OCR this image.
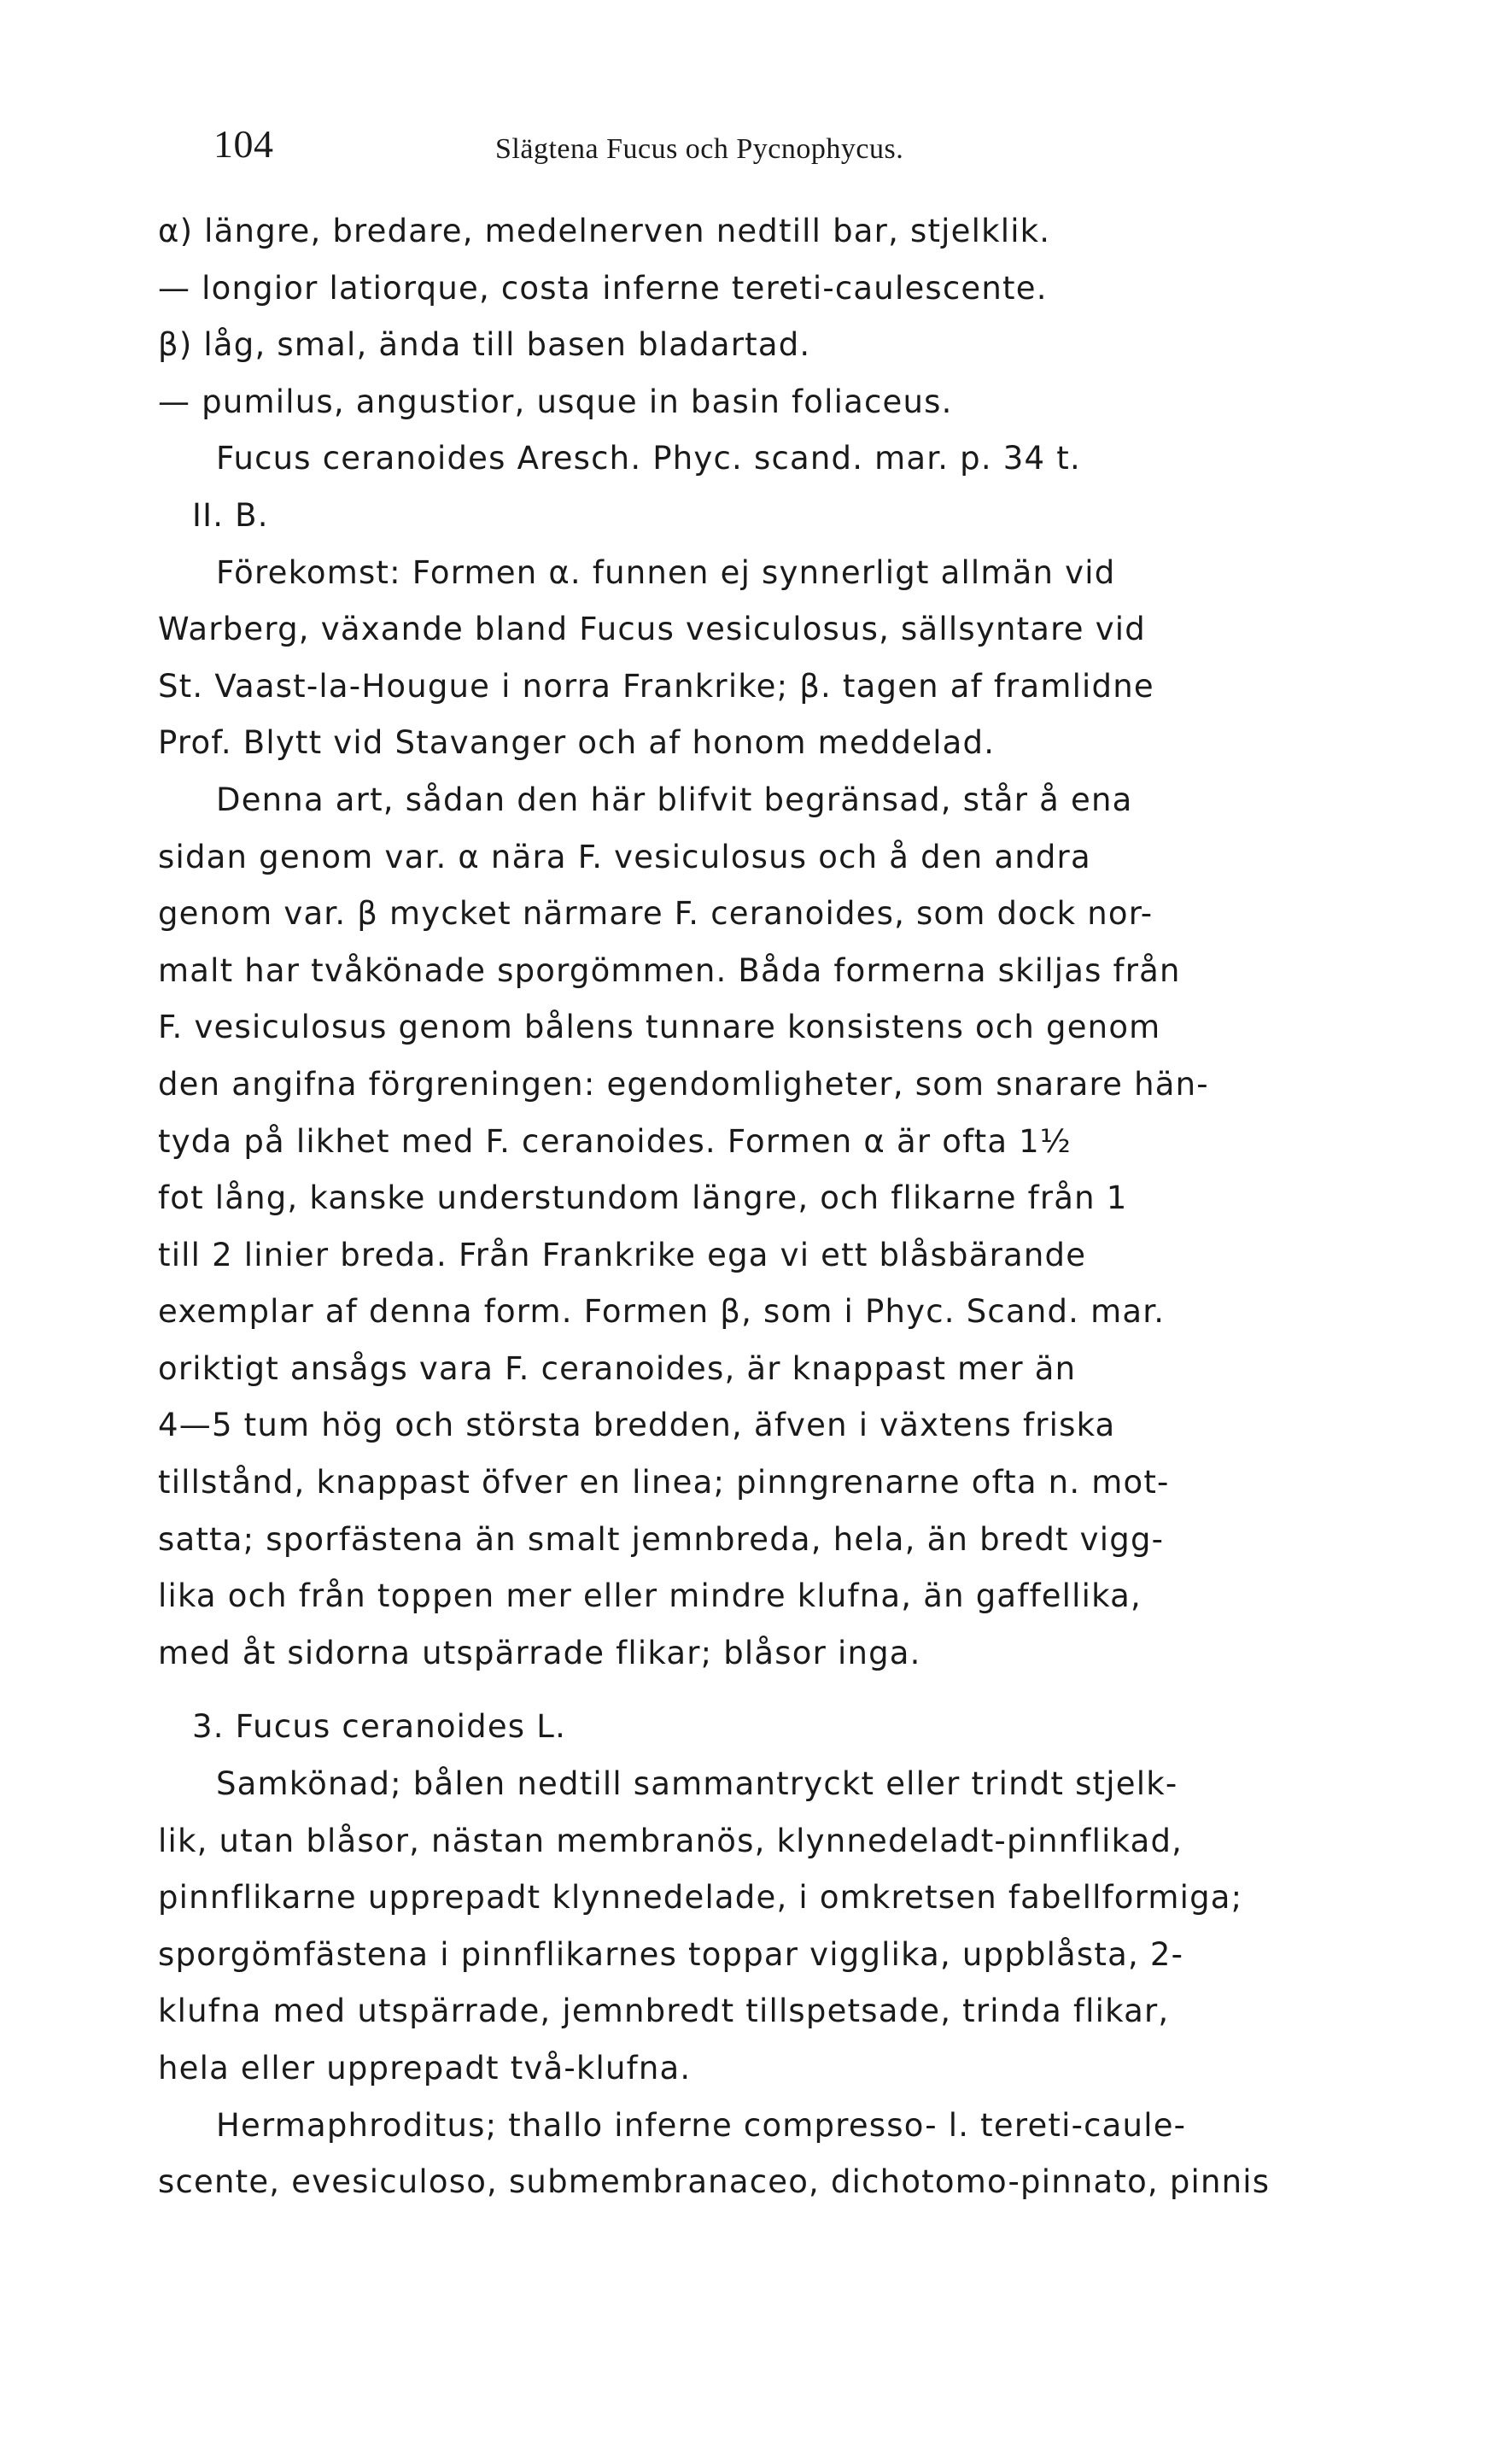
104	Slägtena Fucus och Pycnophycus.
α) längre, bredare, medelnerven nedtill bar, stjelklik.
— longior latiorque, costa inferne tereti-caulescente.
β) låg, smal, ända till basen bladartad.
— pumilus, angustior, usque in basin foliaceus.
Fucus ceranoides Aresch. Phyc. scand. mar. p. 34 t.
II. B.
Förekomst: Formen α. funnen ej synnerligt allmän vid
Warberg, växande bland Fucus vesiculosus, sällsyntare vid
St. Vaast-la-Hougue i norra Frankrike; β. tagen af framlidne
Prof. Blytt vid Stavanger och af honom meddelad.
Denna art, sådan den här blifvit begränsad, står å ena
sidan genom var. α nära F. vesiculosus och å den andra
genom var. β mycket närmare F. ceranoides, som dock nor-
malt har tvåkönade sporgömmen. Båda formerna skiljas från
F. vesiculosus genom bålens tunnare konsistens och genom
den angifna förgreningen: egendomligheter, som snarare hän-
tyda på likhet med F. ceranoides. Formen α är ofta 1½
fot lång, kanske understundom längre, och flikarne från 1
till 2 linier breda. Från Frankrike ega vi ett blåsbärande
exemplar af denna form. Formen β, som i Phyc. Scand. mar.
oriktigt ansågs vara F. ceranoides, är knappast mer än
4—5 tum hög och största bredden, äfven i växtens friska
tillstånd, knappast öfver en linea; pinngrenarne ofta n. mot-
satta; sporfästena än smalt jemnbreda, hela, än bredt vigg-
lika och från toppen mer eller mindre klufna, än gaffellika,
med åt sidorna utspärrade flikar; blåsor inga.
3. Fucus ceranoides L.
Samkönad; bålen nedtill sammantryckt eller trindt stjelk-
lik, utan blåsor, nästan membranös, klynnedeladt-pinnflikad,
pinnflikarne upprepadt klynnedelade, i omkretsen fabellformiga;
sporgömfästena i pinnflikarnes toppar vigglika, uppblåsta, 2-
klufna med utspärrade, jemnbredt tillspetsade, trinda flikar,
hela eller upprepadt två-klufna.
Hermaphroditus; thallo inferne compresso- l. tereti-caule-
scente, evesiculoso, submembranaceo, dichotomo-pinnato, pinnis
